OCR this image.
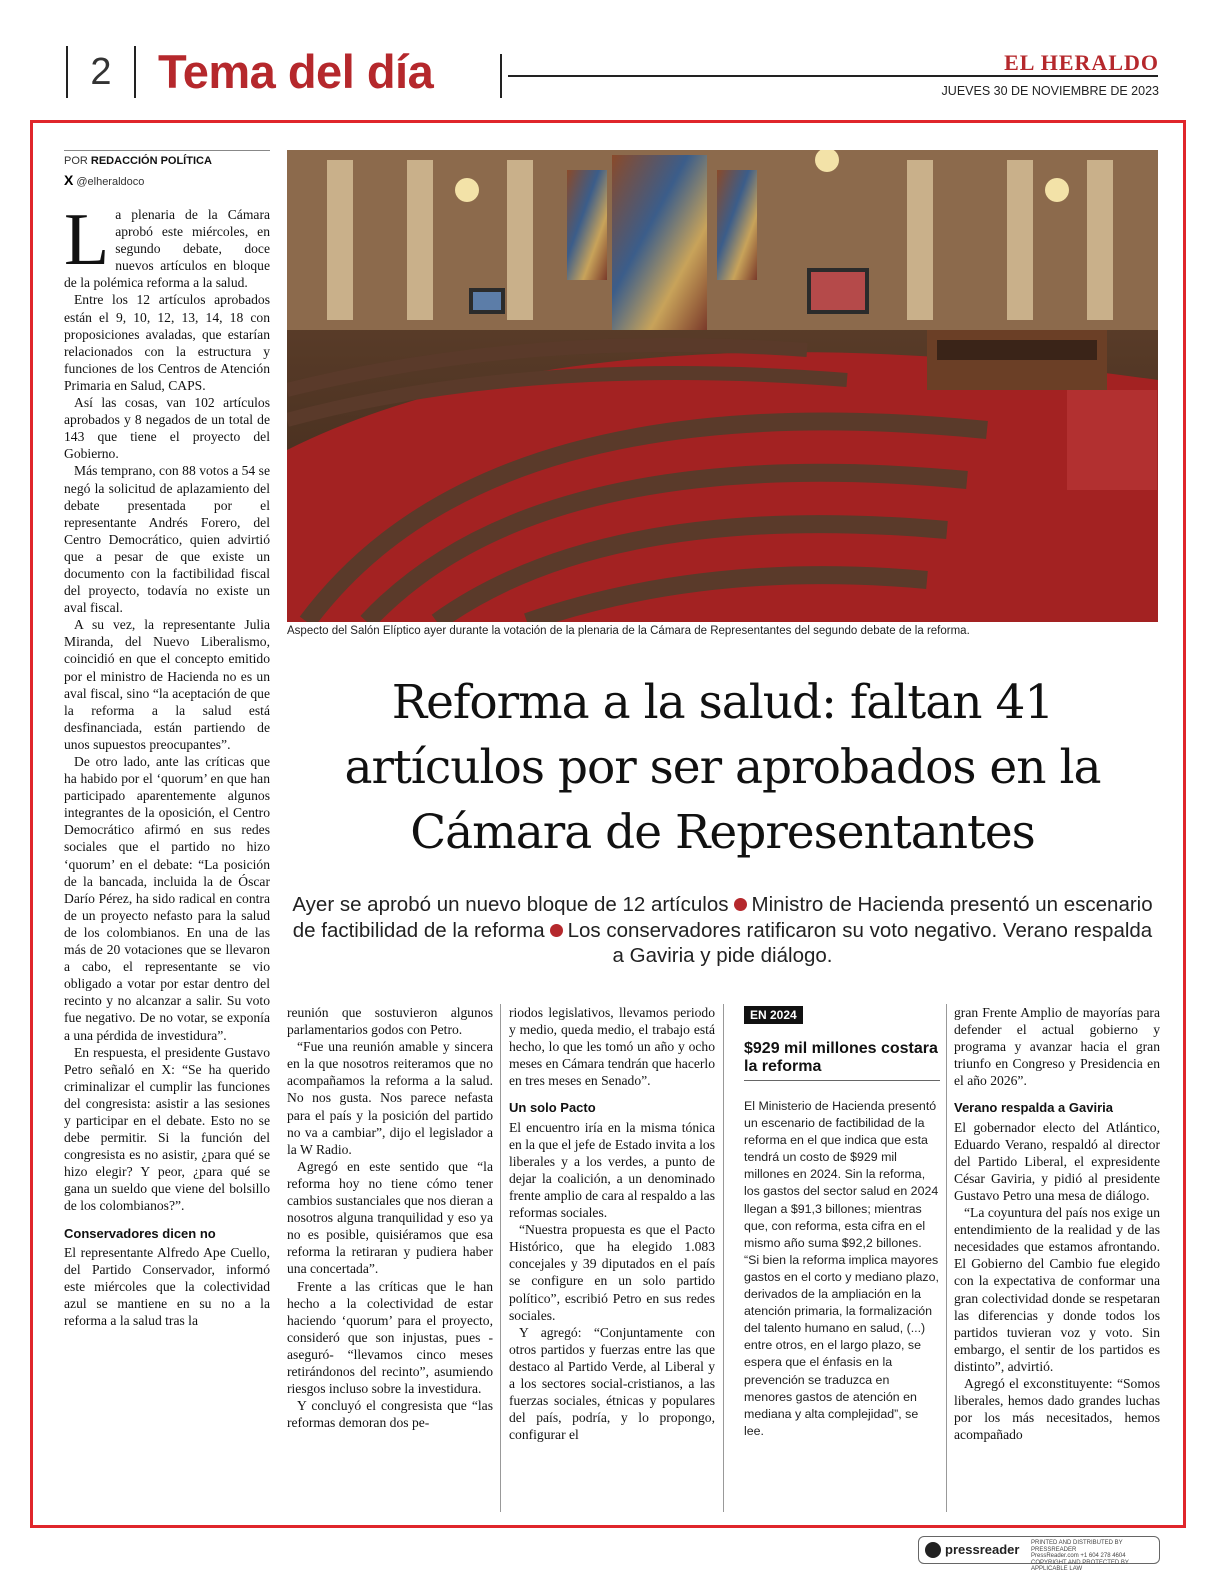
2 Tema del día	EL HERALDO
JUEVES 30 DE NOVIEMBRE DE 2023
POR REDACCIÓN POLÍTICA
X @elheraldoco

La plenaria de la Cámara aprobó este miércoles, en segundo debate, doce nuevos artículos en bloque de la polémica reforma a la salud.

Entre los 12 artículos aprobados están el 9, 10, 12, 13, 14, 18 con proposiciones avaladas, que estarían relacionados con la estructura y funciones de los Centros de Atención Primaria en Salud, CAPS.

Así las cosas, van 102 artículos aprobados y 8 negados de un total de 143 que tiene el proyecto del Gobierno.

Más temprano, con 88 votos a 54 se negó la solicitud de aplazamiento del debate presentada por el representante Andrés Forero, del Centro Democrático, quien advirtió que a pesar de que existe un documento con la factibilidad fiscal del proyecto, todavía no existe un aval fiscal.

A su vez, la representante Julia Miranda, del Nuevo Liberalismo, coincidió en que el concepto emitido por el ministro de Hacienda no es un aval fiscal, sino “la aceptación de que la reforma a la salud está desfinanciada, están partiendo de unos supuestos preocupantes”.

De otro lado, ante las críticas que ha habido por el ‘quorum’ en que han participado aparentemente algunos integrantes de la oposición, el Centro Democrático afirmó en sus redes sociales que el partido no hizo ‘quorum’ en el debate: “La posición de la bancada, incluida la de Óscar Darío Pérez, ha sido radical en contra de un proyecto nefasto para la salud de los colombianos. En una de las más de 20 votaciones que se llevaron a cabo, el representante se vio obligado a votar por estar dentro del recinto y no alcanzar a salir. Su voto fue negativo. De no votar, se exponía a una pérdida de investidura”.

En respuesta, el presidente Gustavo Petro señaló en X: “Se ha querido criminalizar el cumplir las funciones del congresista: asistir a las sesiones y participar en el debate. Esto no se debe permitir. Si la función del congresista es no asistir, ¿para qué se hizo elegir? Y peor, ¿para qué se gana un sueldo que viene del bolsillo de los colombianos?”.

Conservadores dicen no

El representante Alfredo Ape Cuello, del Partido Conservador, informó este miércoles que la colectividad azul se mantiene en su no a la reforma a la salud tras la

Aspecto del Salón Elíptico ayer durante la votación de la plenaria de la Cámara de Representantes del segundo debate de la reforma.
Reforma a la salud: faltan 41 artículos por ser aprobados en la Cámara de Representantes
Ayer se aprobó un nuevo bloque de 12 artículos Ministro de Hacienda presentó un escenario de factibilidad de la reforma Los conservadores ratificaron su voto negativo. Verano respalda a Gaviria y pide diálogo.

reunión que sostuvieron algunos parlamentarios godos con Petro.

“Fue una reunión amable y sincera en la que nosotros reiteramos que no acompañamos la reforma a la salud. No nos gusta. Nos parece nefasta para el país y la posición del partido no va a cambiar”, dijo el legislador a la W Radio.

Agregó en este sentido que “la reforma hoy no tiene cómo tener cambios sustanciales que nos dieran a nosotros alguna tranquilidad y eso ya no es posible, quisiéramos que esa reforma la retiraran y pudiera haber una concertada”.

Frente a las críticas que le han hecho a la colectividad de estar haciendo ‘quorum’ para el proyecto, consideró que son injustas, pues -aseguró- “llevamos cinco meses retirándonos del recinto”, asumiendo riesgos incluso sobre la investidura.

Y concluyó el congresista que “las reformas demoran dos pe-

riodos legislativos, llevamos periodo y medio, queda medio, el trabajo está hecho, lo que les tomó un año y ocho meses en Cámara tendrán que hacerlo en tres meses en Senado”.

Un solo Pacto

El encuentro iría en la misma tónica en la que el jefe de Estado invita a los liberales y a los verdes, a punto de dejar la coalición, a un denominado frente amplio de cara al respaldo a las reformas sociales.

“Nuestra propuesta es que el Pacto Histórico, que ha elegido 1.083 concejales y 39 diputados en el país se configure en un solo partido político”, escribió Petro en sus redes sociales.

Y agregó: “Conjuntamente con otros partidos y fuerzas entre las que destaco al Partido Verde, al Liberal y a los sectores social-cristianos, a las fuerzas sociales, étnicas y populares del país, podría, y lo propongo, configurar el

EN 2024
$929 mil millones costara la reforma
El Ministerio de Hacienda presentó un escenario de factibilidad de la reforma en el que indica que esta tendrá un costo de $929 mil millones en 2024. Sin la reforma, los gastos del sector salud en 2024 llegan a $91,3 billones; mientras que, con reforma, esta cifra en el mismo año suma $92,2 billones. “Si bien la reforma implica mayores gastos en el corto y mediano plazo, derivados de la ampliación en la atención primaria, la formalización del talento humano en salud, (...) entre otros, en el largo plazo, se espera que el énfasis en la prevención se traduzca en menores gastos de atención en mediana y alta complejidad”, se lee.

gran Frente Amplio de mayorías para defender el actual gobierno y programa y avanzar hacia el gran triunfo en Congreso y Presidencia en el año 2026”.

Verano respalda a Gaviria

El gobernador electo del Atlántico, Eduardo Verano, respaldó al director del Partido Liberal, el expresidente César Gaviria, y pidió al presidente Gustavo Petro una mesa de diálogo.

“La coyuntura del país nos exige un entendimiento de la realidad y de las necesidades que estamos afrontando. El Gobierno del Cambio fue elegido con la expectativa de conformar una gran colectividad donde se respetaran las diferencias y donde todos los partidos tuvieran voz y voto. Sin embargo, el sentir de los partidos es distinto”, advirtió.

Agregó el exconstituyente: “Somos liberales, hemos dado grandes luchas por los más necesitados, hemos acompañado

pressreader PRINTED AND DISTRIBUTED BY PRESSREADER
PressReader.com +1 604 278 4604
COPYRIGHT AND PROTECTED BY APPLICABLE LAW
